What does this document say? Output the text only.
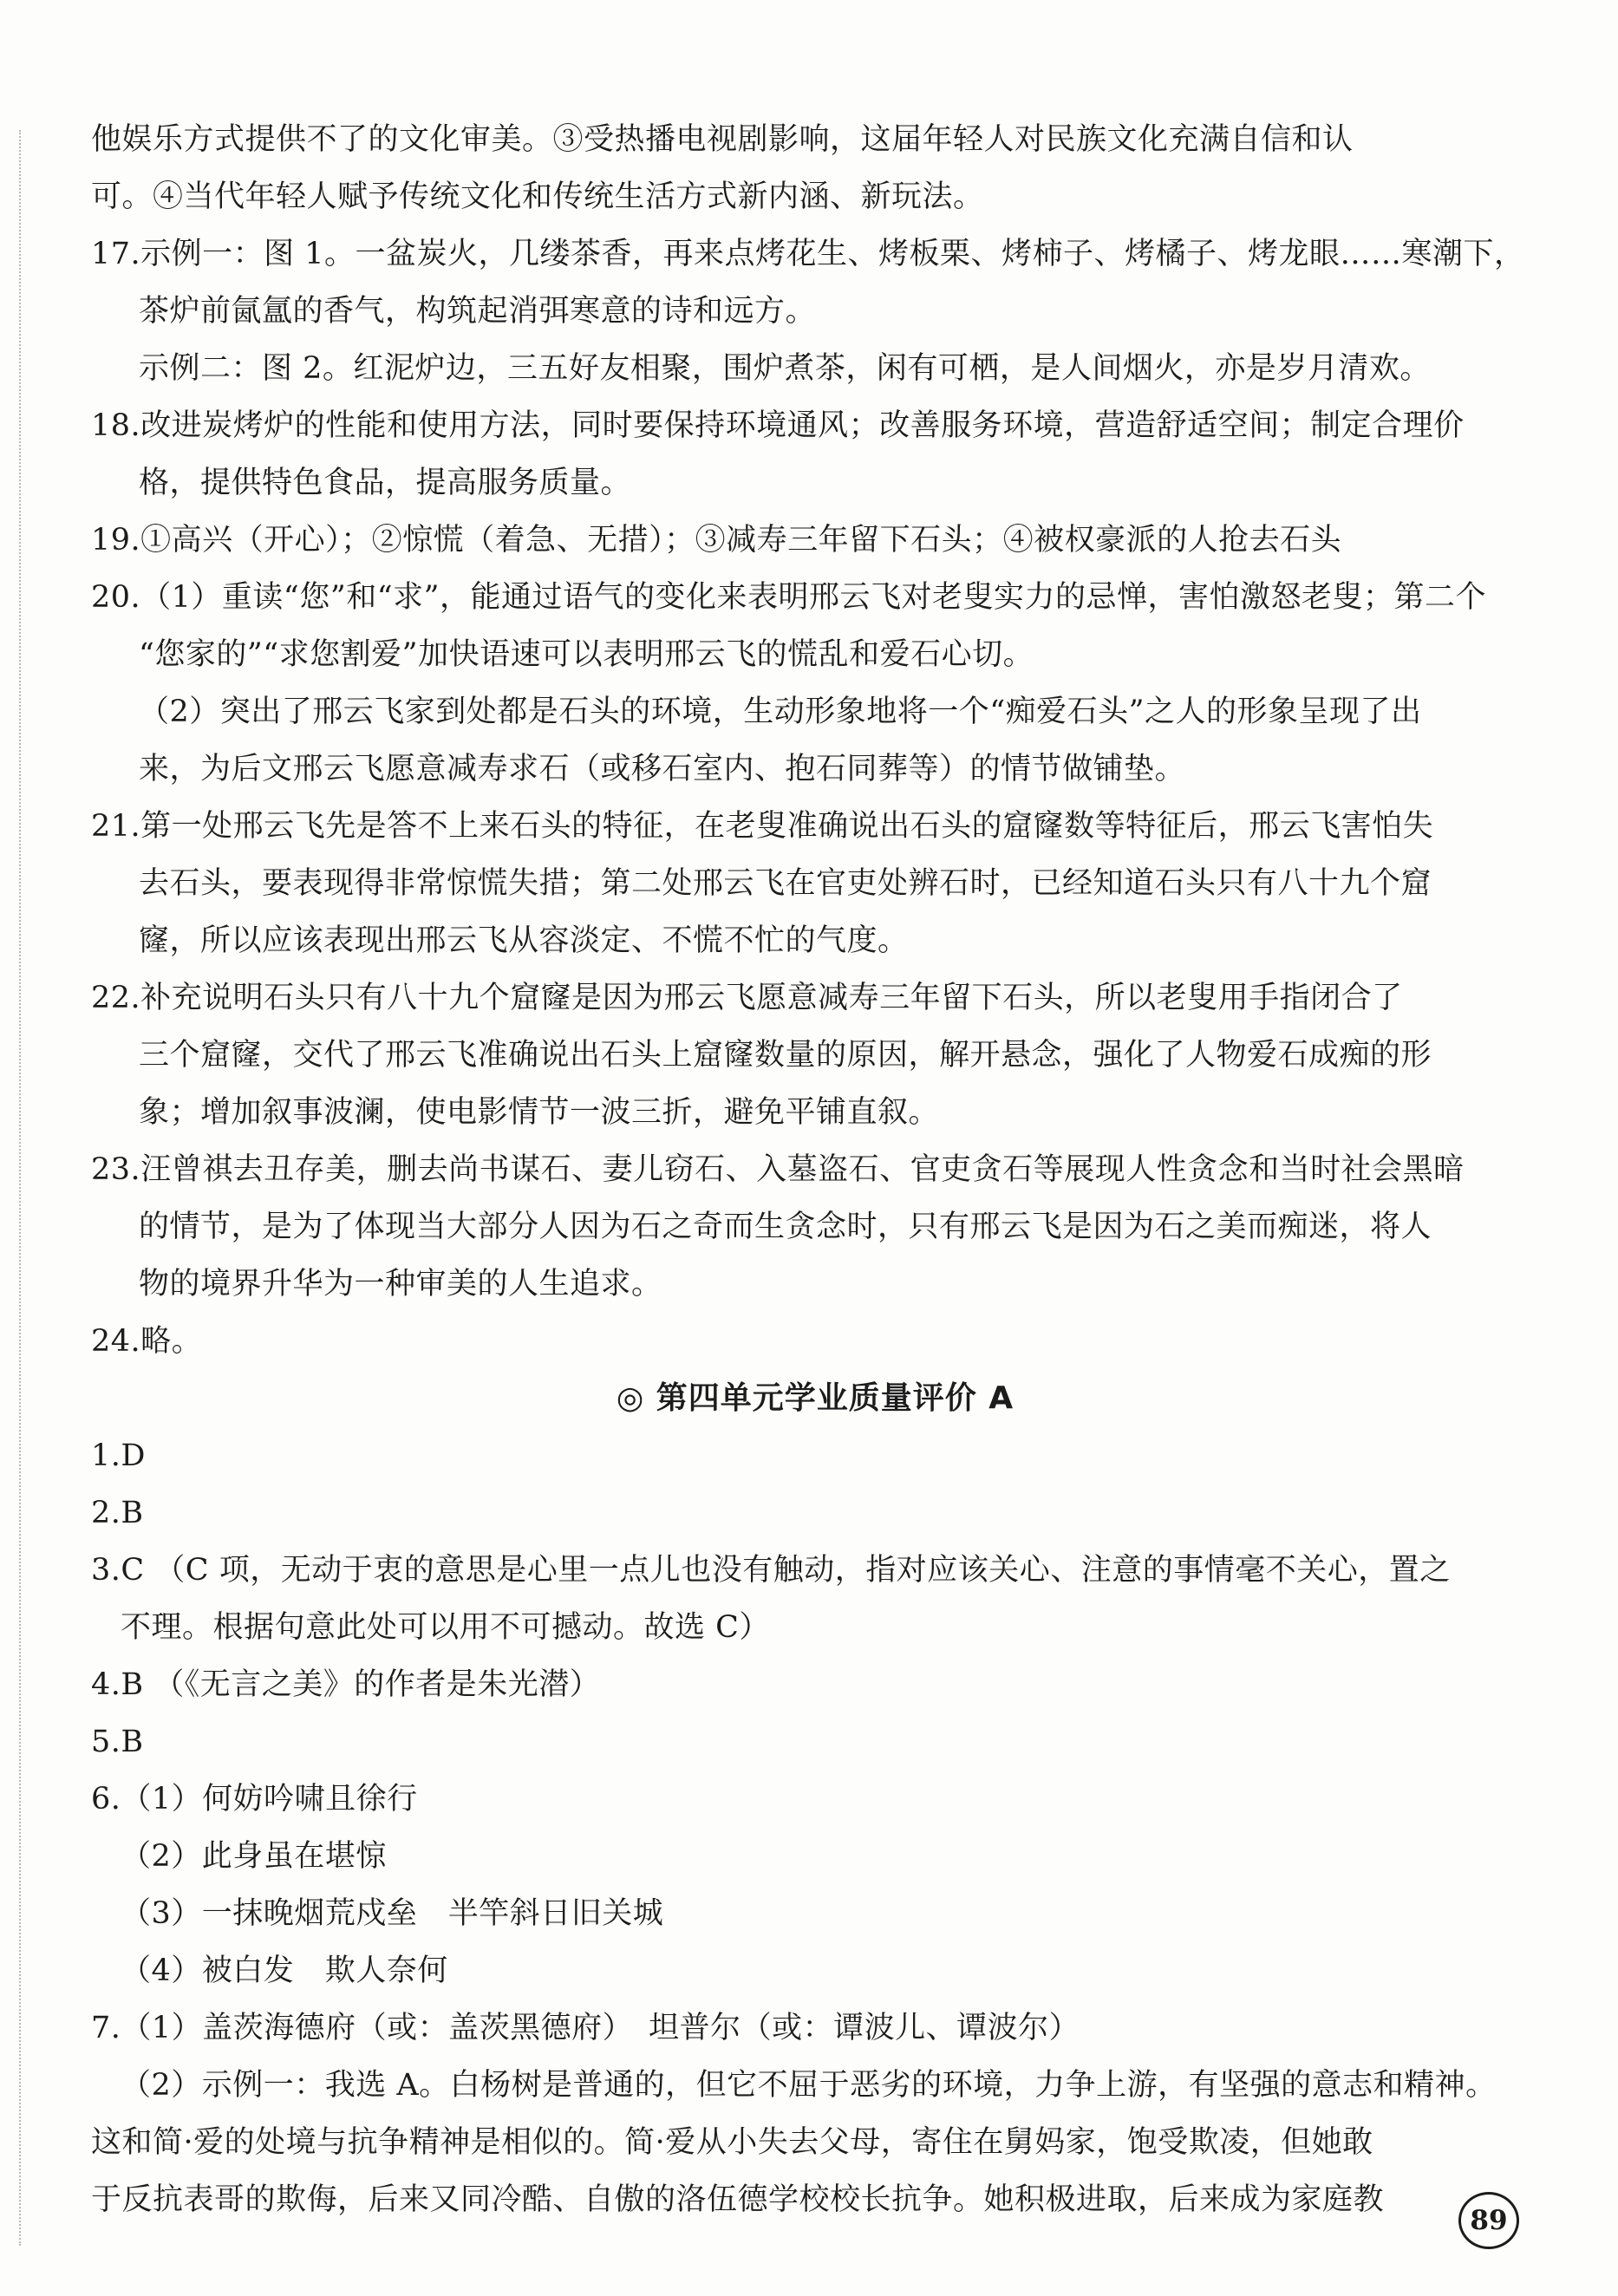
他娱乐方式提供不了的文化审美。③受热播电视剧影响，这届年轻人对民族文化充满自信和认
可。④当代年轻人赋予传统文化和传统生活方式新内涵、新玩法。
17.示例一：图 1。一盆炭火，几缕茶香，再来点烤花生、烤板栗、烤柿子、烤橘子、烤龙眼……寒潮下，
茶炉前氤氲的香气，构筑起消弭寒意的诗和远方。
示例二：图 2。红泥炉边，三五好友相聚，围炉煮茶，闲有可栖，是人间烟火，亦是岁月清欢。
18.改进炭烤炉的性能和使用方法，同时要保持环境通风；改善服务环境，营造舒适空间；制定合理价
格，提供特色食品，提高服务质量。
19.①高兴（开心）；②惊慌（着急、无措）；③减寿三年留下石头；④被权豪派的人抢去石头
20.（1）重读“您”和“求”，能通过语气的变化来表明邢云飞对老叟实力的忌惮，害怕激怒老叟；第二个
“您家的”“求您割爱”加快语速可以表明邢云飞的慌乱和爱石心切。
（2）突出了邢云飞家到处都是石头的环境，生动形象地将一个“痴爱石头”之人的形象呈现了出
来，为后文邢云飞愿意减寿求石（或移石室内、抱石同葬等）的情节做铺垫。
21.第一处邢云飞先是答不上来石头的特征，在老叟准确说出石头的窟窿数等特征后，邢云飞害怕失
去石头，要表现得非常惊慌失措；第二处邢云飞在官吏处辨石时，已经知道石头只有八十九个窟
窿，所以应该表现出邢云飞从容淡定、不慌不忙的气度。
22.补充说明石头只有八十九个窟窿是因为邢云飞愿意减寿三年留下石头，所以老叟用手指闭合了
三个窟窿，交代了邢云飞准确说出石头上窟窿数量的原因，解开悬念，强化了人物爱石成痴的形
象；增加叙事波澜，使电影情节一波三折，避免平铺直叙。
23.汪曾祺去丑存美，删去尚书谋石、妻儿窃石、入墓盗石、官吏贪石等展现人性贪念和当时社会黑暗
的情节，是为了体现当大部分人因为石之奇而生贪念时，只有邢云飞是因为石之美而痴迷，将人
物的境界升华为一种审美的人生追求。
24.略。
◎ 第四单元学业质量评价 A
1.D
2.B
3.C （C 项，无动于衷的意思是心里一点儿也没有触动，指对应该关心、注意的事情毫不关心，置之
不理。根据句意此处可以用不可撼动。故选 C）
4.B （《无言之美》的作者是朱光潜）
5.B
6.（1）何妨吟啸且徐行
（2）此身虽在堪惊
（3）一抹晚烟荒戍垒　半竿斜日旧关城
（4）被白发　欺人奈何
7.（1）盖茨海德府（或：盖茨黑德府）　坦普尔（或：谭波儿、谭波尔）
（2）示例一：我选 A。白杨树是普通的，但它不屈于恶劣的环境，力争上游，有坚强的意志和精神。
这和简·爱的处境与抗争精神是相似的。简·爱从小失去父母，寄住在舅妈家，饱受欺凌，但她敢
于反抗表哥的欺侮，后来又同冷酷、自傲的洛伍德学校校长抗争。她积极进取，后来成为家庭教
89
